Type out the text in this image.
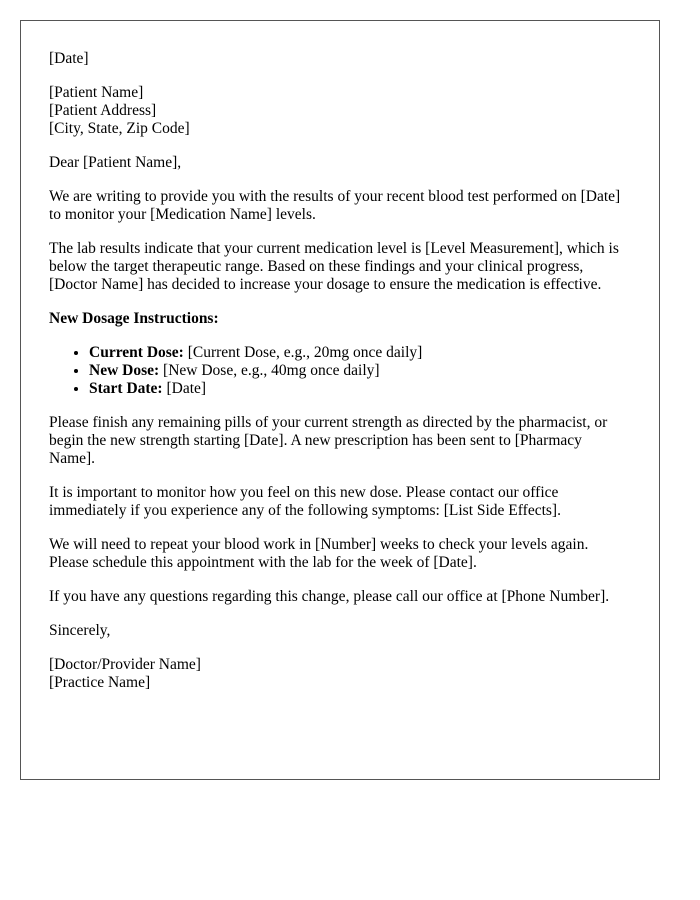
[Date]

[Patient Name]
[Patient Address]
[City, State, Zip Code]

Dear [Patient Name],

We are writing to provide you with the results of your recent blood test performed on [Date] to monitor your [Medication Name] levels.

The lab results indicate that your current medication level is [Level Measurement], which is below the target therapeutic range. Based on these findings and your clinical progress, [Doctor Name] has decided to increase your dosage to ensure the medication is effective.

New Dosage Instructions:

• Current Dose: [Current Dose, e.g., 20mg once daily]
• New Dose: [New Dose, e.g., 40mg once daily]
• Start Date: [Date]

Please finish any remaining pills of your current strength as directed by the pharmacist, or begin the new strength starting [Date]. A new prescription has been sent to [Pharmacy Name].

It is important to monitor how you feel on this new dose. Please contact our office immediately if you experience any of the following symptoms: [List Side Effects].

We will need to repeat your blood work in [Number] weeks to check your levels again. Please schedule this appointment with the lab for the week of [Date].

If you have any questions regarding this change, please call our office at [Phone Number].

Sincerely,

[Doctor/Provider Name]
[Practice Name]
